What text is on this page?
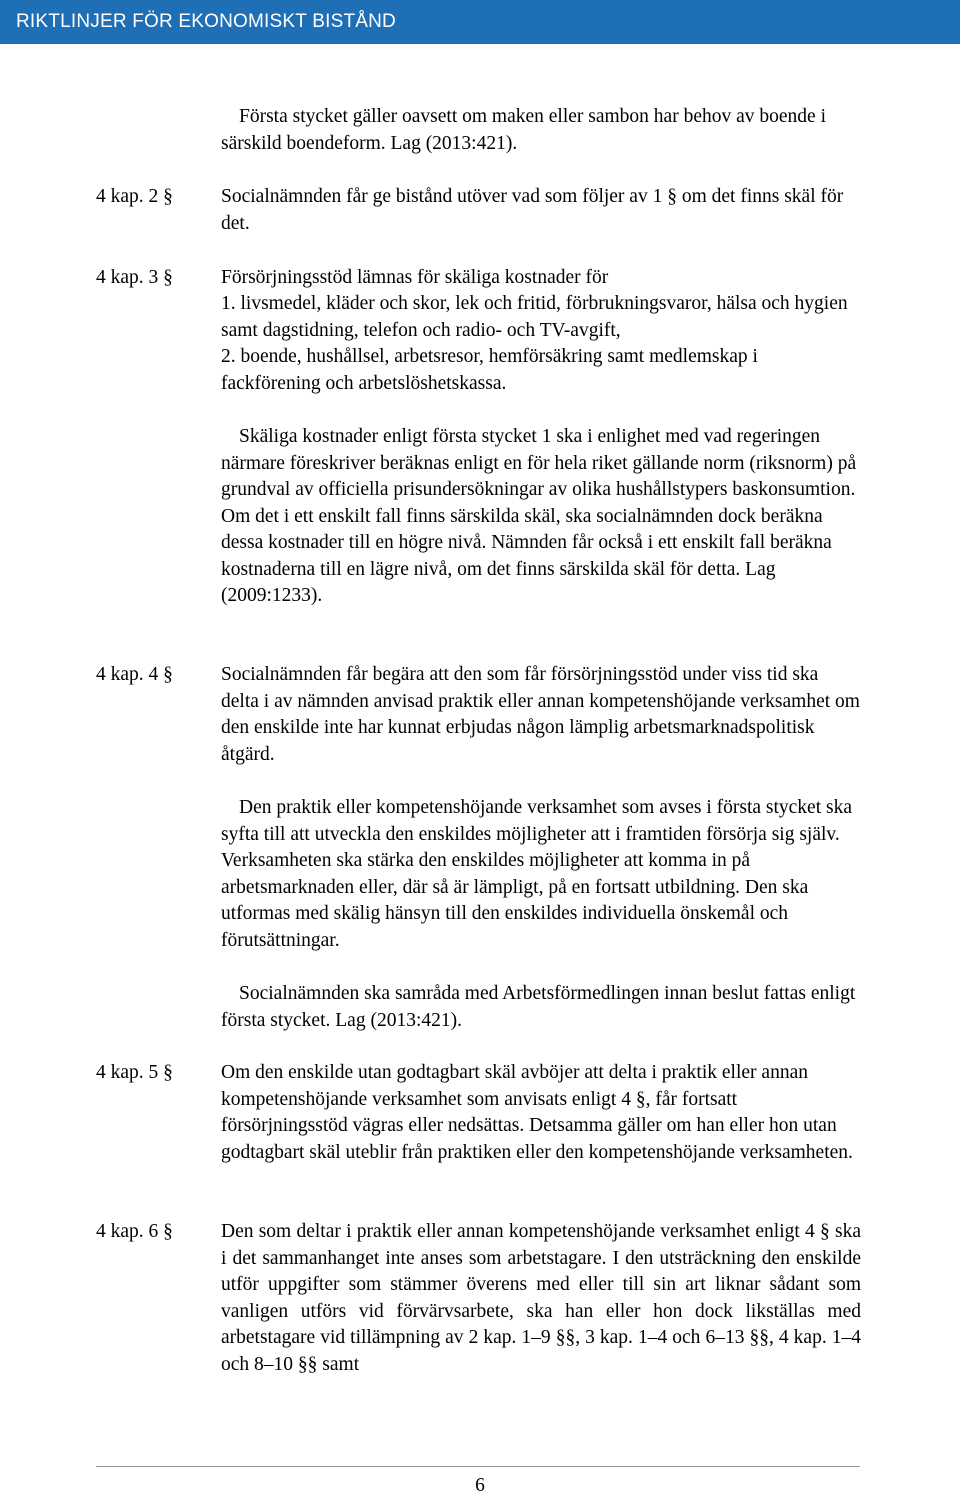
RIKTLINJER FÖR EKONOMISKT BISTÅND

Första stycket gäller oavsett om maken eller sambon har behov av boende i särskild boendeform. Lag (2013:421).

4 kap. 2 §	Socialnämnden får ge bistånd utöver vad som följer av 1 § om det finns skäl för det.

4 kap. 3 §	Försörjningsstöd lämnas för skäliga kostnader för

1. livsmedel, kläder och skor, lek och fritid, förbrukningsvaror, hälsa och hygien samt dagstidning, telefon och radio- och TV-avgift,

2. boende, hushållsel, arbetsresor, hemförsäkring samt medlemskap i fackförening och arbetslöshetskassa.

Skäliga kostnader enligt första stycket 1 ska i enlighet med vad regeringen närmare föreskriver beräknas enligt en för hela riket gällande norm (riksnorm) på grundval av officiella prisundersökningar av olika hushållstypers baskonsumtion. Om det i ett enskilt fall finns särskilda skäl, ska socialnämnden dock beräkna dessa kostnader till en högre nivå. Nämnden får också i ett enskilt fall beräkna kostnaderna till en lägre nivå, om det finns särskilda skäl för detta. Lag (2009:1233).

4 kap. 4 §	Socialnämnden får begära att den som får försörjningsstöd under viss tid ska delta i av nämnden anvisad praktik eller annan kompetenshöjande verksamhet om den enskilde inte har kunnat erbjudas någon lämplig arbetsmarknadspolitisk åtgärd.

Den praktik eller kompetenshöjande verksamhet som avses i första stycket ska syfta till att utveckla den enskildes möjligheter att i framtiden försörja sig själv. Verksamheten ska stärka den enskildes möjligheter att komma in på arbetsmarknaden eller, där så är lämpligt, på en fortsatt utbildning. Den ska utformas med skälig hänsyn till den enskildes individuella önskemål och förutsättningar.

Socialnämnden ska samråda med Arbetsförmedlingen innan beslut fattas enligt första stycket. Lag (2013:421).

4 kap. 5 §	Om den enskilde utan godtagbart skäl avböjer att delta i praktik eller annan kompetenshöjande verksamhet som anvisats enligt 4 §, får fortsatt försörjningsstöd vägras eller nedsättas. Detsamma gäller om han eller hon utan godtagbart skäl uteblir från praktiken eller den kompetenshöjande verksamheten.

4 kap. 6 §	Den som deltar i praktik eller annan kompetenshöjande verksamhet enligt 4 § ska i det sammanhanget inte anses som arbetstagare. I den utsträckning den enskilde utför uppgifter som stämmer överens med eller till sin art liknar sådant som vanligen utförs vid förvärvsarbete, ska han eller hon dock likställas med arbetstagare vid tillämpning av 2 kap. 1–9 §§, 3 kap. 1–4 och 6–13 §§, 4 kap. 1–4 och 8–10 §§ samt

6
